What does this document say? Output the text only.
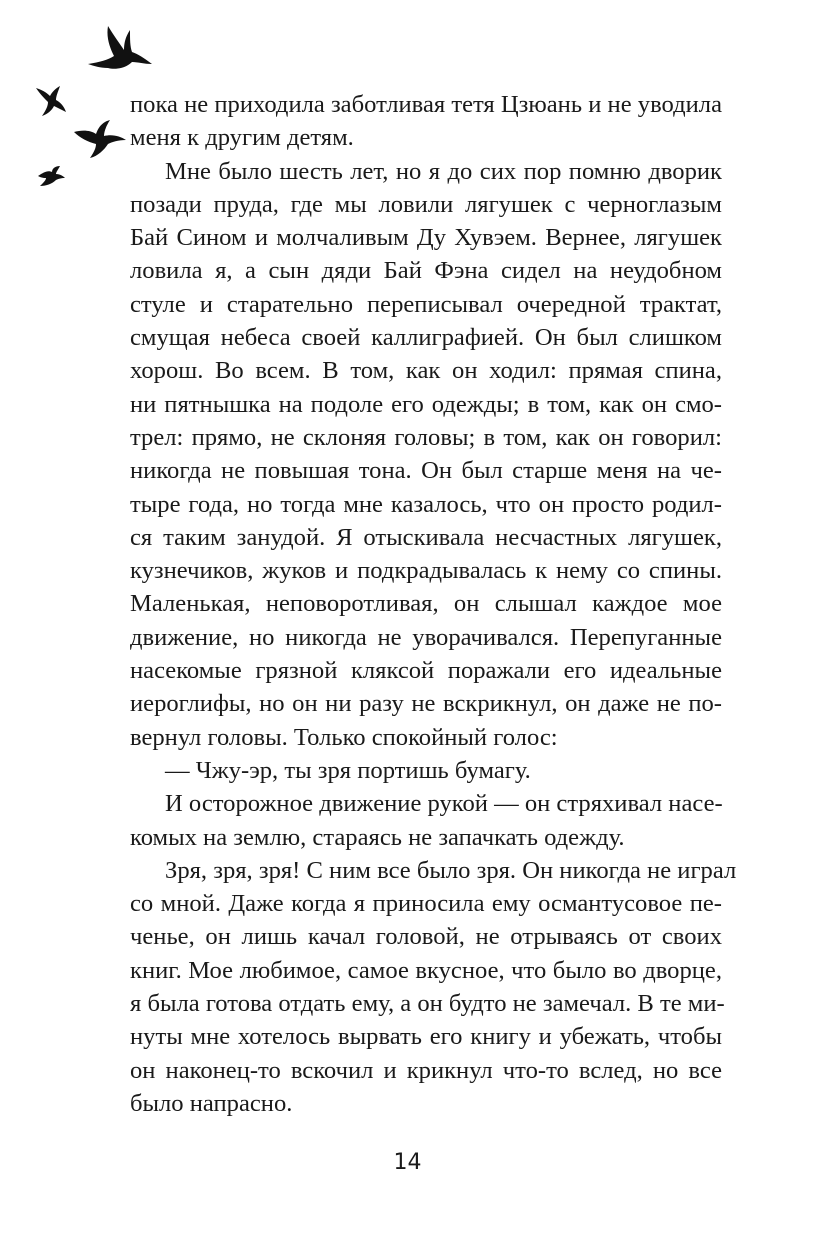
пока не приходила заботливая тетя Цзюань и не уводила
меня к другим детям.
Мне было шесть лет, но я до сих пор помню дворик
позади пруда, где мы ловили лягушек с черноглазым
Бай Сином и молчаливым Ду Хувэем. Вернее, лягушек
ловила я, а сын дяди Бай Фэна сидел на неудобном
стуле и старательно переписывал очередной трактат,
смущая небеса своей каллиграфией. Он был слишком
хорош. Во всем. В том, как он ходил: прямая спина,
ни пятнышка на подоле его одежды; в том, как он смо-
трел: прямо, не склоняя головы; в том, как он говорил:
никогда не повышая тона. Он был старше меня на че-
тыре года, но тогда мне казалось, что он просто родил-
ся таким занудой. Я отыскивала несчастных лягушек,
кузнечиков, жуков и подкрадывалась к нему со спины.
Маленькая, неповоротливая, он слышал каждое мое
движение, но никогда не уворачивался. Перепуганные
насекомые грязной кляксой поражали его идеальные
иероглифы, но он ни разу не вскрикнул, он даже не по-
вернул головы. Только спокойный голос:
— Чжу-эр, ты зря портишь бумагу.
И осторожное движение рукой — он стряхивал насе-
комых на землю, стараясь не запачкать одежду.
Зря, зря, зря! С ним все было зря. Он никогда не играл
со мной. Даже когда я приносила ему османтусовое пе-
ченье, он лишь качал головой, не отрываясь от своих
книг. Мое любимое, самое вкусное, что было во дворце,
я была готова отдать ему, а он будто не замечал. В те ми-
нуты мне хотелось вырвать его книгу и убежать, чтобы
он наконец-то вскочил и крикнул что-то вслед, но все
было напрасно.
14
